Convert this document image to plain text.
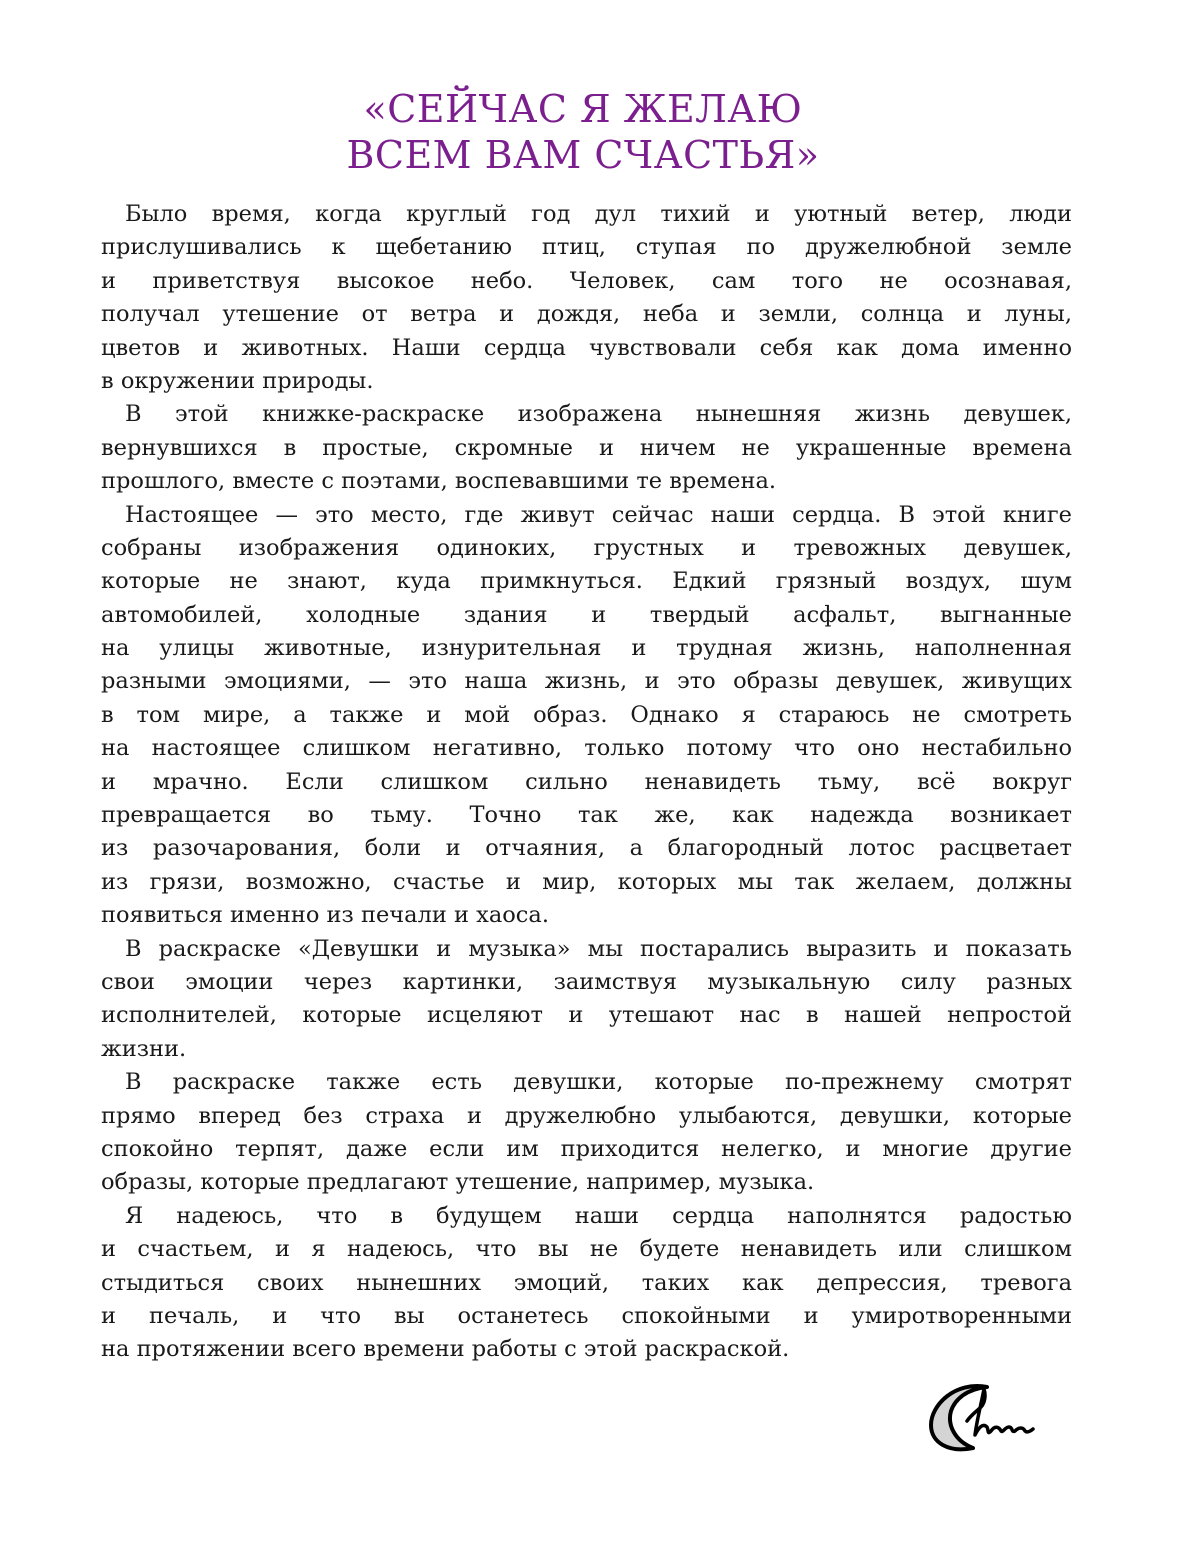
«СЕЙЧАС Я ЖЕЛАЮ
ВСЕМ ВАМ СЧАСТЬЯ»
Было время, когда круглый год дул тихий и уютный ветер, люди
прислушивались к щебетанию птиц, ступая по дружелюбной земле
и приветствуя высокое небо. Человек, сам того не осознавая,
получал утешение от ветра и дождя, неба и земли, солнца и луны,
цветов и животных. Наши сердца чувствовали себя как дома именно
в окружении природы.
В этой книжке-раскраске изображена нынешняя жизнь девушек,
вернувшихся в простые, скромные и ничем не украшенные времена
прошлого, вместе с поэтами, воспевавшими те времена.
Настоящее — это место, где живут сейчас наши сердца. В этой книге
собраны изображения одиноких, грустных и тревожных девушек,
которые не знают, куда примкнуться. Едкий грязный воздух, шум
автомобилей, холодные здания и твердый асфальт, выгнанные
на улицы животные, изнурительная и трудная жизнь, наполненная
разными эмоциями, — это наша жизнь, и это образы девушек, живущих
в том мире, а также и мой образ. Однако я стараюсь не смотреть
на настоящее слишком негативно, только потому что оно нестабильно
и мрачно. Если слишком сильно ненавидеть тьму, всё вокруг
превращается во тьму. Точно так же, как надежда возникает
из разочарования, боли и отчаяния, а благородный лотос расцветает
из грязи, возможно, счастье и мир, которых мы так желаем, должны
появиться именно из печали и хаоса.
В раскраске «Девушки и музыка» мы постарались выразить и показать
свои эмоции через картинки, заимствуя музыкальную силу разных
исполнителей, которые исцеляют и утешают нас в нашей непростой
жизни.
В раскраске также есть девушки, которые по-прежнему смотрят
прямо вперед без страха и дружелюбно улыбаются, девушки, которые
спокойно терпят, даже если им приходится нелегко, и многие другие
образы, которые предлагают утешение, например, музыка.
Я надеюсь, что в будущем наши сердца наполнятся радостью
и счастьем, и я надеюсь, что вы не будете ненавидеть или слишком
стыдиться своих нынешних эмоций, таких как депрессия, тревога
и печаль, и что вы останетесь спокойными и умиротворенными
на протяжении всего времени работы с этой раскраской.
